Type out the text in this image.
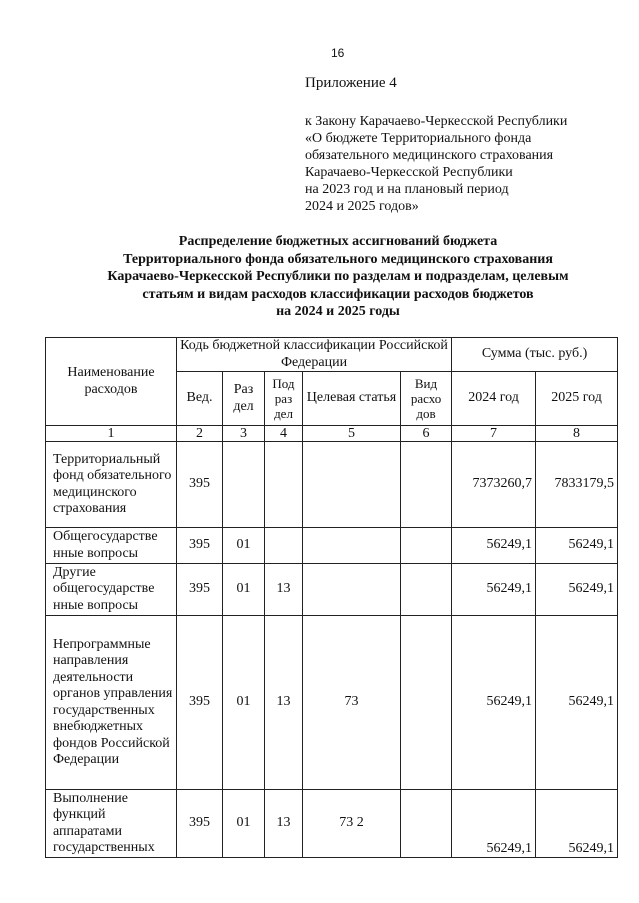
16
Приложение 4
к Закону Карачаево-Черкесской Республики
«О бюджете Территориального фонда
обязательного медицинского страхования
Карачаево-Черкесской Республики
на 2023 год и на плановый период
2024 и 2025 годов»
Распределение бюджетных ассигнований бюджета
Территориального фонда обязательного медицинского страхования
Карачаево-Черкесской Республики по разделам и подразделам, целевым
статьям и видам расходов классификации расходов бюджетов
на 2024 и 2025 годы
Наименование расходов	Кодь бюджетной классификации Российской Федерации					Сумма (тыс. руб.)	
	Вед.	Раз дел	Под раз дел	Целевая статья	Вид расхо дов	2024 год	2025 год
1	2	3	4	5	6	7	8
Территориальный фонд обязательного медицинского страхования	395					7373260,7	7833179,5
Общегосударстве нные вопросы	395	01				56249,1	56249,1
Другие общегосударстве нные вопросы	395	01	13			56249,1	56249,1
Непрограммные направления деятельности органов управления государственных внебюджетных фондов Российской Федерации	395	01	13	73		56249,1	56249,1
Выполнение функций аппаратами государственных	395	01	13	73 2		56249,1	56249,1
